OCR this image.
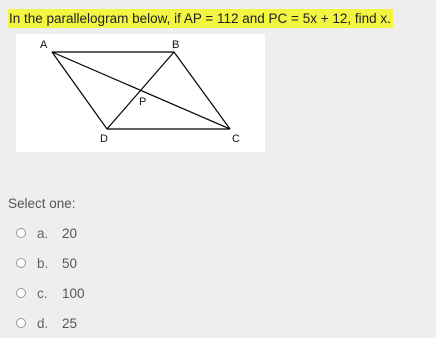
In the parallelogram below, if AP = 112 and PC = 5x + 12, find x.
A	B
C
D
P
Select one:
a.	20
b.	50
c.	100
d.	25
